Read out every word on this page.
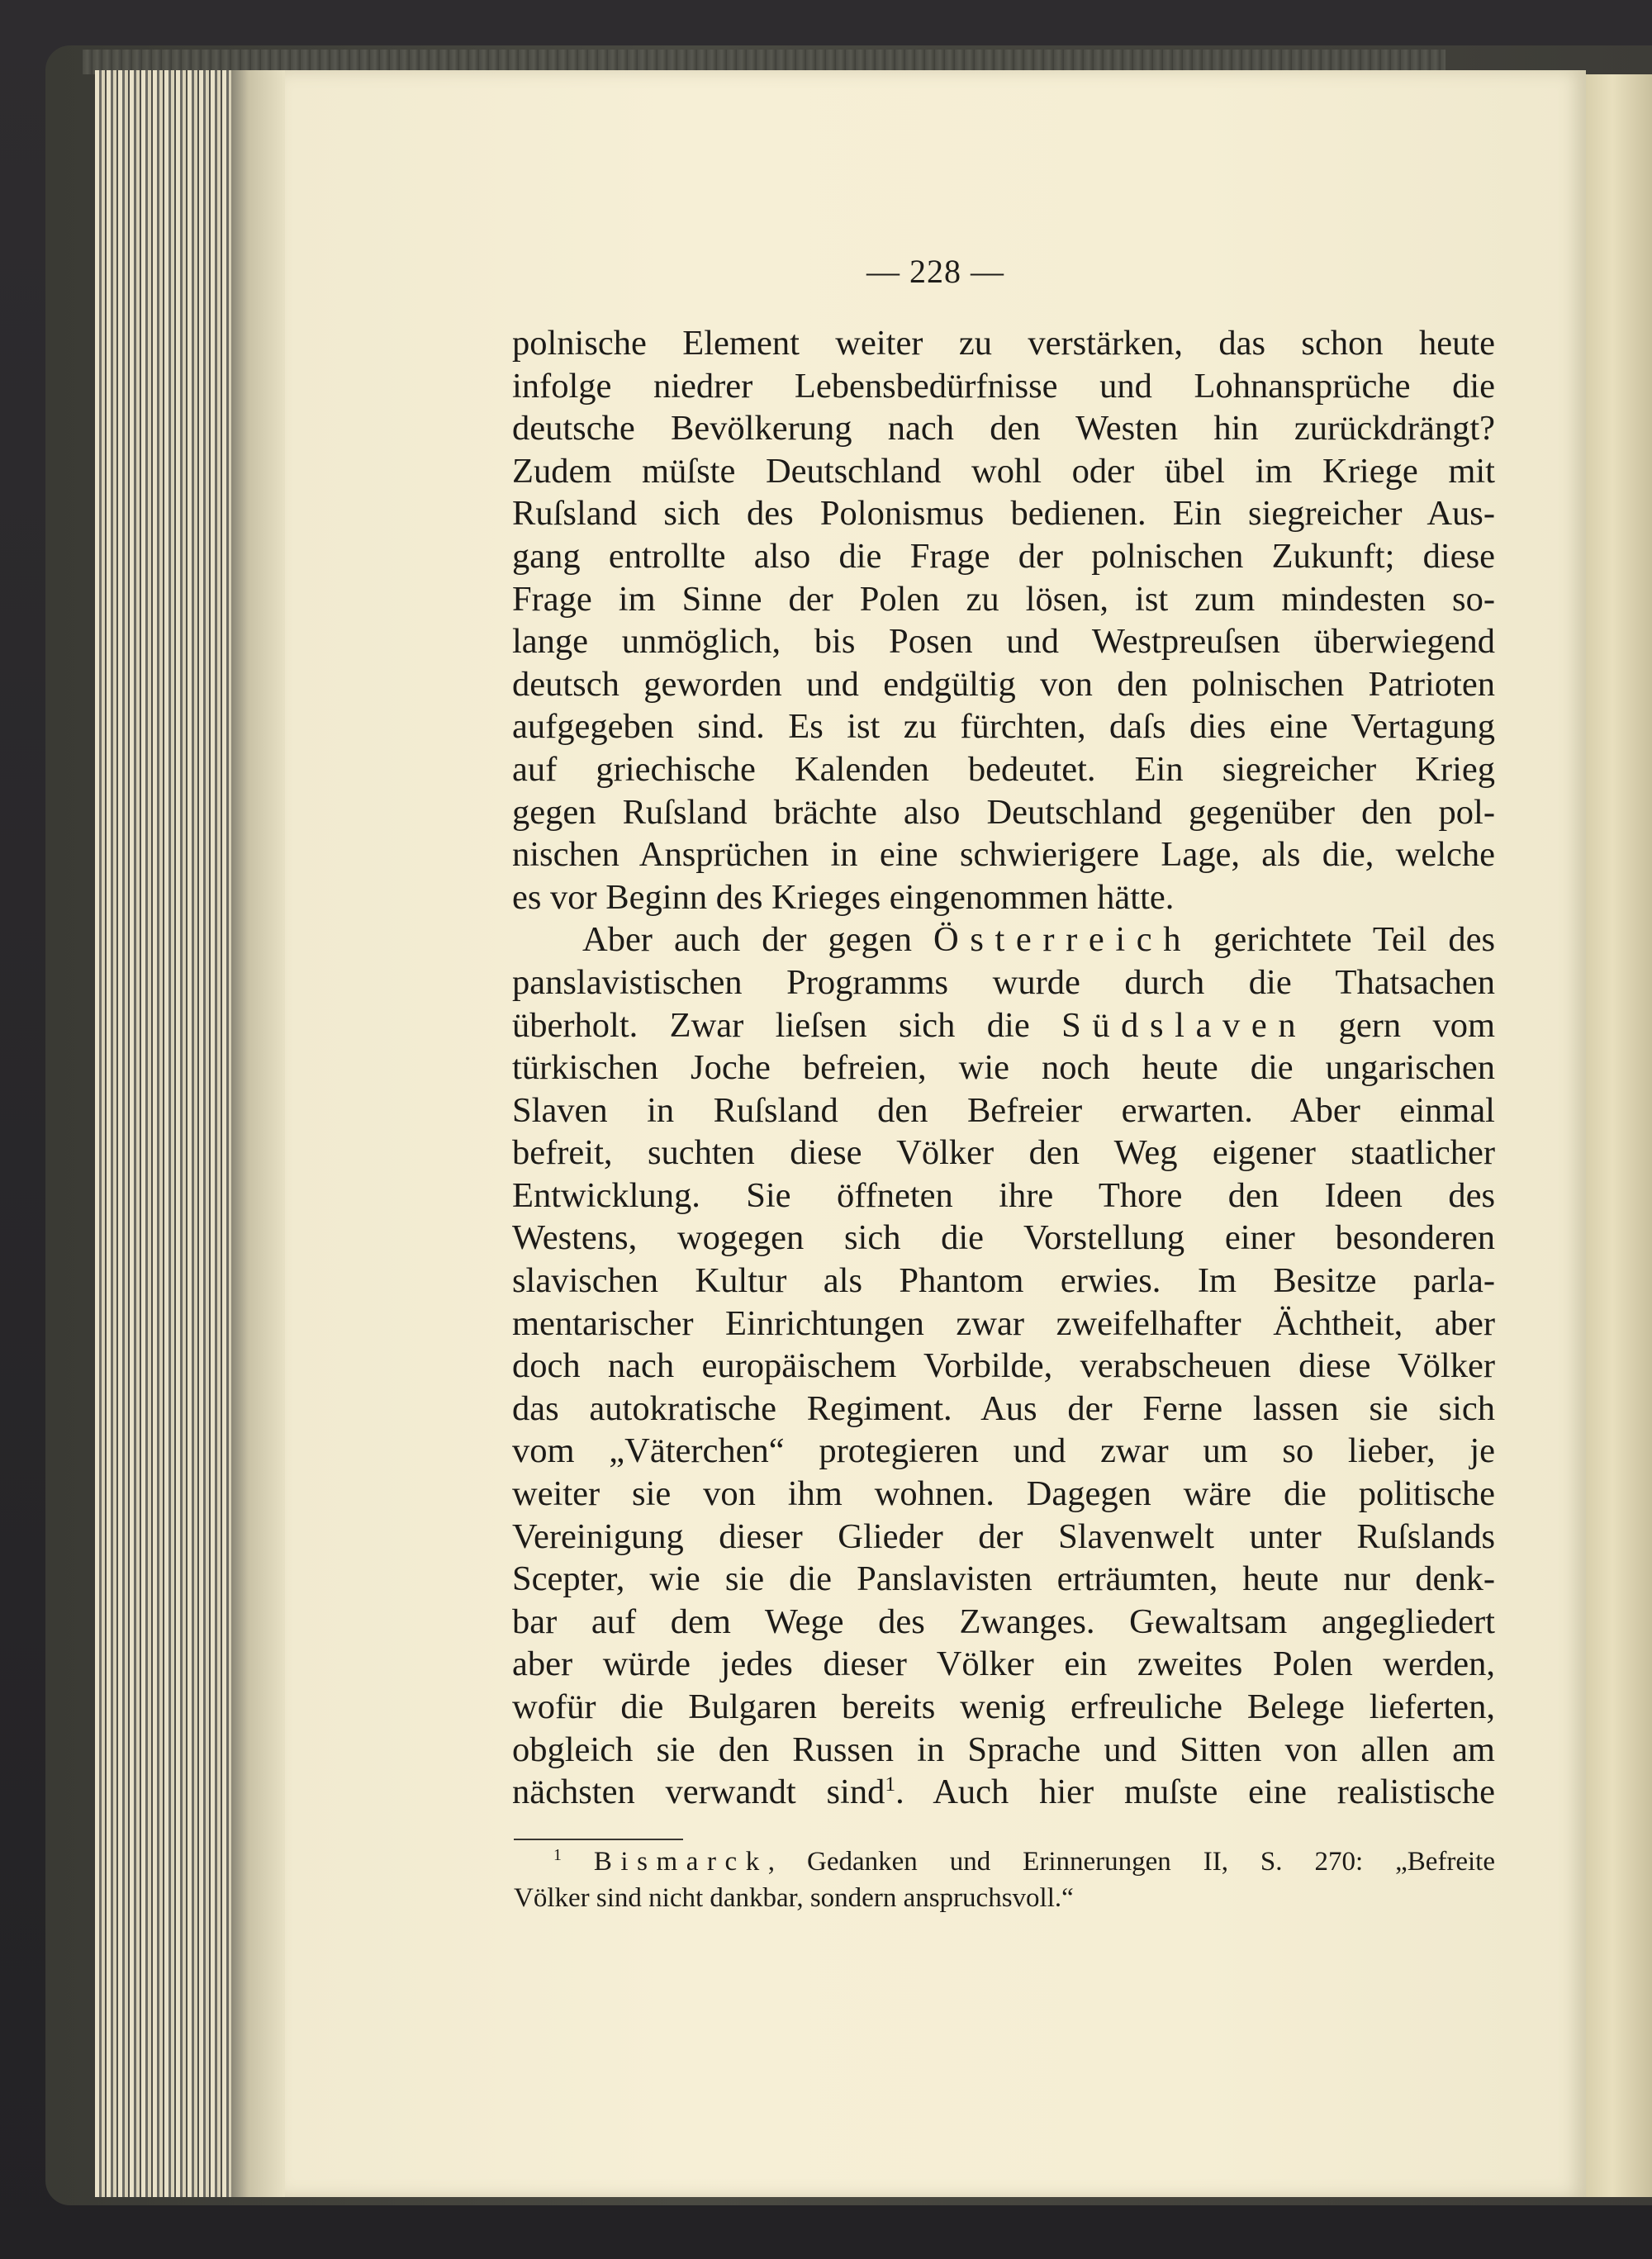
— 228 —
polnische Element weiter zu verstärken, das schon heute
infolge niedrer Lebensbedürfnisse und Lohnansprüche die
deutsche Bevölkerung nach den Westen hin zurückdrängt?
Zudem müſste Deutschland wohl oder übel im Kriege mit
Ruſsland sich des Polonismus bedienen. Ein siegreicher Aus-
gang entrollte also die Frage der polnischen Zukunft; diese
Frage im Sinne der Polen zu lösen, ist zum mindesten so-
lange unmöglich, bis Posen und Westpreuſsen überwiegend
deutsch geworden und endgültig von den polnischen Patrioten
aufgegeben sind. Es ist zu fürchten, daſs dies eine Vertagung
auf griechische Kalenden bedeutet. Ein siegreicher Krieg
gegen Ruſsland brächte also Deutschland gegenüber den pol-
nischen Ansprüchen in eine schwierigere Lage, als die, welche
es vor Beginn des Krieges eingenommen hätte.
Aber auch der gegen Österreich gerichtete Teil des
panslavistischen Programms wurde durch die Thatsachen
überholt. Zwar lieſsen sich die Südslaven gern vom
türkischen Joche befreien, wie noch heute die ungarischen
Slaven in Ruſsland den Befreier erwarten. Aber einmal
befreit, suchten diese Völker den Weg eigener staatlicher
Entwicklung. Sie öffneten ihre Thore den Ideen des
Westens, wogegen sich die Vorstellung einer besonderen
slavischen Kultur als Phantom erwies. Im Besitze parla-
mentarischer Einrichtungen zwar zweifelhafter Ächtheit, aber
doch nach europäischem Vorbilde, verabscheuen diese Völker
das autokratische Regiment. Aus der Ferne lassen sie sich
vom „Väterchen“ protegieren und zwar um so lieber, je
weiter sie von ihm wohnen. Dagegen wäre die politische
Vereinigung dieser Glieder der Slavenwelt unter Ruſslands
Scepter, wie sie die Panslavisten erträumten, heute nur denk-
bar auf dem Wege des Zwanges. Gewaltsam angegliedert
aber würde jedes dieser Völker ein zweites Polen werden,
wofür die Bulgaren bereits wenig erfreuliche Belege lieferten,
obgleich sie den Russen in Sprache und Sitten von allen am
nächsten verwandt sind$^1$. Auch hier muſste eine realistische
$^1$ Bismarck, Gedanken und Erinnerungen II, S. 270: „Befreite
Völker sind nicht dankbar, sondern anspruchsvoll.“
